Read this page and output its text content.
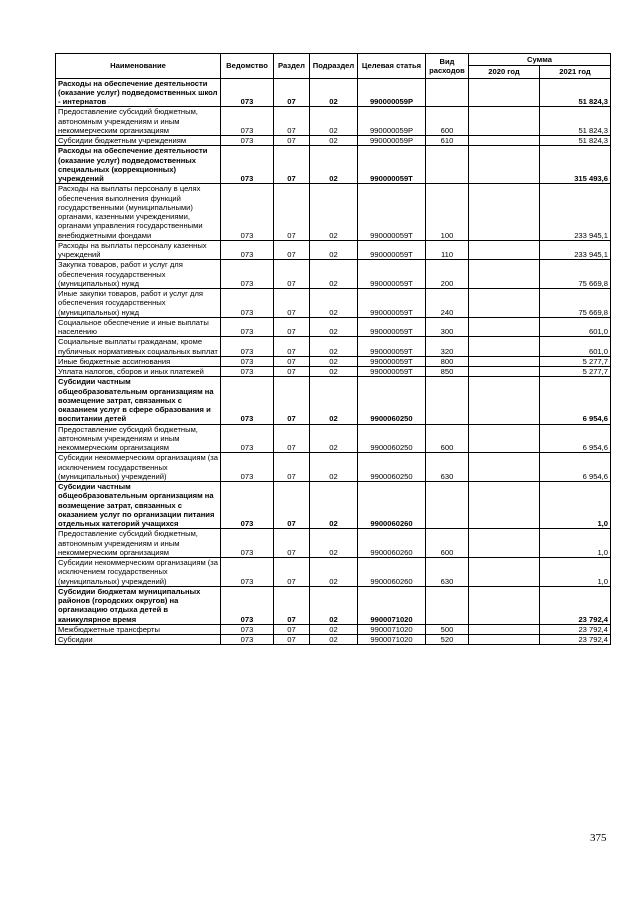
Наименование	Ведомство	Раздел	Подраздел	Целевая статья	Вид расходов	Сумма	
						2020 год	2021 год
Расходы на обеспечение деятельности (оказание услуг) подведомственных школ - интернатов	073	07	02	990000059Р			51 824,3
Предоставление субсидий бюджетным, автономным учреждениям и иным некоммерческим организациям	073	07	02	990000059Р	600		51 824,3
Субсидии бюджетным учреждениям	073	07	02	990000059Р	610		51 824,3
Расходы на обеспечение деятельности (оказание услуг) подведомственных специальных (коррекционных) учреждений	073	07	02	990000059Т			315 493,6
Расходы на выплаты персоналу в целях обеспечения выполнения функций государственными (муниципальными) органами, казенными учреждениями, органами управления государственными внебюджетными фондами	073	07	02	990000059Т	100		233 945,1
Расходы на выплаты персоналу казенных учреждений	073	07	02	990000059Т	110		233 945,1
Закупка товаров, работ и услуг для обеспечения государственных (муниципальных) нужд	073	07	02	990000059Т	200		75 669,8
Иные закупки товаров, работ и услуг для обеспечения государственных (муниципальных) нужд	073	07	02	990000059Т	240		75 669,8
Социальное обеспечение и иные выплаты населению	073	07	02	990000059Т	300		601,0
Социальные выплаты гражданам, кроме публичных нормативных социальных выплат	073	07	02	990000059Т	320		601,0
Иные бюджетные ассигнования	073	07	02	990000059Т	800		5 277,7
Уплата налогов, сборов и иных платежей	073	07	02	990000059Т	850		5 277,7
Субсидии частным общеобразовательным организациям на возмещение затрат, связанных с оказанием услуг в сфере образования и воспитании детей	073	07	02	9900060250			6 954,6
Предоставление субсидий бюджетным, автономным учреждениям и иным некоммерческим организациям	073	07	02	9900060250	600		6 954,6
Субсидии некоммерческим организациям (за исключением государственных (муниципальных) учреждений)	073	07	02	9900060250	630		6 954,6
Субсидии частным общеобразовательным организациям на возмещение затрат, связанных с оказанием услуг по организации питания отдельных категорий учащихся	073	07	02	9900060260			1,0
Предоставление субсидий бюджетным, автономным учреждениям и иным некоммерческим организациям	073	07	02	9900060260	600		1,0
Субсидии некоммерческим организациям (за исключением государственных (муниципальных) учреждений)	073	07	02	9900060260	630		1,0
Субсидии бюджетам муниципальных районов (городских округов) на организацию отдыха детей в каникулярное время	073	07	02	9900071020			23 792,4
Межбюджетные трансферты	073	07	02	9900071020	500		23 792,4
Субсидии	073	07	02	9900071020	520		23 792,4
375
